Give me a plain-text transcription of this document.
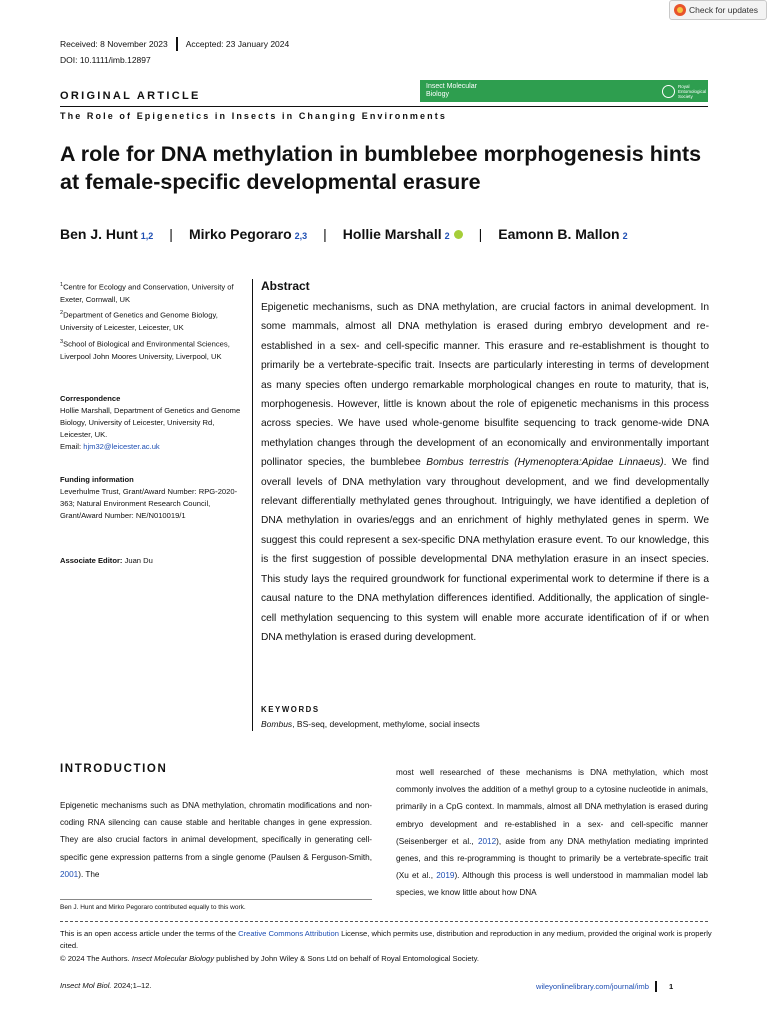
Check for updates
Received: 8 November 2023 Accepted: 23 January 2024
DOI: 10.1111/imb.12897
Insect Molecular Biology
Royal Entomological Society
ORIGINAL ARTICLE
The Role of Epigenetics in Insects in Changing Environments
A role for DNA methylation in bumblebee morphogenesis hints at female-specific developmental erasure
Ben J. Hunt 1,2 | Mirko Pegoraro 2,3 | Hollie Marshall 2 | Eamonn B. Mallon 2
$^1$Centre for Ecology and Conservation, University of Exeter, Cornwall, UK
$^2$Department of Genetics and Genome Biology, University of Leicester, Leicester, UK
$^3$School of Biological and Environmental Sciences, Liverpool John Moores University, Liverpool, UK
Correspondence
Hollie Marshall, Department of Genetics and Genome Biology, University of Leicester, University Rd, Leicester, UK.
Email: hjm32@leicester.ac.uk
Funding information
Leverhulme Trust, Grant/Award Number: RPG-2020-363; Natural Environment Research Council, Grant/Award Number: NE/N010019/1
Associate Editor: Juan Du
Abstract
Epigenetic mechanisms, such as DNA methylation, are crucial factors in animal development. In some mammals, almost all DNA methylation is erased during embryo development and re-established in a sex- and cell-specific manner. This erasure and re-establishment is thought to primarily be a vertebrate-specific trait. Insects are particularly interesting in terms of development as many species often undergo remarkable morphological changes en route to maturity, that is, morphogenesis. However, little is known about the role of epigenetic mechanisms in this process across species. We have used whole-genome bisulfite sequencing to track genome-wide DNA methylation changes through the development of an economically and environmentally important pollinator species, the bumblebee Bombus terrestris (Hymenoptera:Apidae Linnaeus). We find overall levels of DNA methylation vary throughout development, and we find developmentally relevant differentially methylated genes throughout. Intriguingly, we have identified a depletion of DNA methylation in ovaries/eggs and an enrichment of highly methylated genes in sperm. We suggest this could represent a sex-specific DNA methylation erasure event. To our knowledge, this is the first suggestion of possible developmental DNA methylation erasure in an insect species. This study lays the required groundwork for functional experimental work to determine if there is a causal nature to the DNA methylation differences identified. Additionally, the application of single-cell methylation sequencing to this system will enable more accurate identification of if or when DNA methylation is erased during development.
KEYWORDS
Bombus, BS-seq, development, methylome, social insects
INTRODUCTION
Epigenetic mechanisms such as DNA methylation, chromatin modifications and non-coding RNA silencing can cause stable and heritable changes in gene expression. They are also crucial factors in animal development, specifically in generating cell-specific gene expression patterns from a single genome (Paulsen & Ferguson-Smith, 2001). The
most well researched of these mechanisms is DNA methylation, which most commonly involves the addition of a methyl group to a cytosine nucleotide in animals, primarily in a CpG context. In mammals, almost all DNA methylation is erased during embryo development and re-established in a sex- and cell-specific manner (Seisenberger et al., 2012), aside from any DNA methylation mediating imprinted genes, and this re-programming is thought to primarily be a vertebrate-specific trait (Xu et al., 2019). Although this process is well understood in mammalian model lab species, we know little about how DNA
Ben J. Hunt and Mirko Pegoraro contributed equally to this work.
This is an open access article under the terms of the Creative Commons Attribution License, which permits use, distribution and reproduction in any medium, provided the original work is properly cited.
© 2024 The Authors. Insect Molecular Biology published by John Wiley & Sons Ltd on behalf of Royal Entomological Society.
Insect Mol Biol. 2024;1–12.	wileyonlinelibrary.com/journal/imb	1
